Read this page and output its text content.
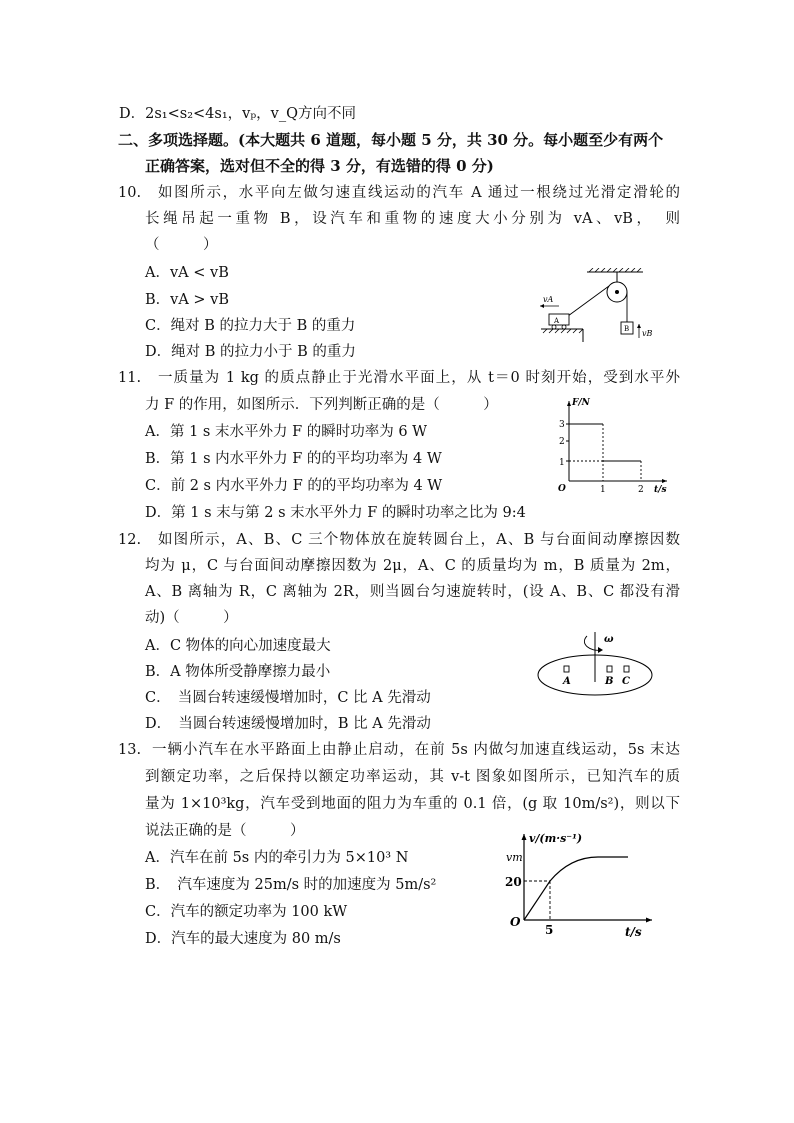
D．2s₁<s₂<4s₁，vₚ，v_Q方向不同
二、多项选择题。(本大题共 6 道题，每小题 5 分，共 30 分。每小题至少有两个
正确答案，选对但不全的得 3 分，有选错的得 0 分)
10. 如图所示，水平向左做匀速直线运动的汽车 A 通过一根绕过光滑定滑轮的
长绳吊起一重物 B，设汽车和重物的速度大小分别为 vA、vB，　则
（　　　）
A．vA < vB
B．vA > vB
C．绳对 B 的拉力大于 B 的重力
D．绳对 B 的拉力小于 B 的重力
A
vA
B vB
11. 一质量为 1 kg 的质点静止于光滑水平面上，从 t＝0 时刻开始，受到水平外
力 F 的作用，如图所示．下列判断正确的是（　　　）
A．第 1 s 末水平外力 F 的瞬时功率为 6 W
B．第 1 s 内水平外力 F 的的平均功率为 4 W
C．前 2 s 内水平外力 F 的的平均功率为 4 W
D．第 1 s 末与第 2 s 末水平外力 F 的瞬时功率之比为 9:4
F/N
t/s
O
1
2
3
1	2
12. 如图所示，A、B、C 三个物体放在旋转圆台上，A、B 与台面间动摩擦因数
均为 μ，C 与台面间动摩擦因数为 2μ，A、C 的质量均为 m，B 质量为 2m，
A、B 离轴为 R，C 离轴为 2R，则当圆台匀速旋转时，(设 A、B、C 都没有滑
动)（　　　）
A．C 物体的向心加速度最大
B．A 物体所受静摩擦力最小
C．　当圆台转速缓慢增加时，C 比 A 先滑动
D．　当圆台转速缓慢增加时，B 比 A 先滑动
ω
A	B C
13. 一辆小汽车在水平路面上由静止启动，在前 5s 内做匀加速直线运动，5s 末达
到额定功率，之后保持以额定功率运动，其 v-t 图象如图所示，已知汽车的质
量为 1×10³kg，汽车受到地面的阻力为车重的 0.1 倍，(g 取 10m/s²)，则以下
说法正确的是（　　　）
A．汽车在前 5s 内的牵引力为 5×10³ N
B．　汽车速度为 25m/s 时的加速度为 5m/s²
C．汽车的额定功率为 100 kW
D．汽车的最大速度为 80 m/s
v/(m·s⁻¹)
t/s
O
vm
20
5
